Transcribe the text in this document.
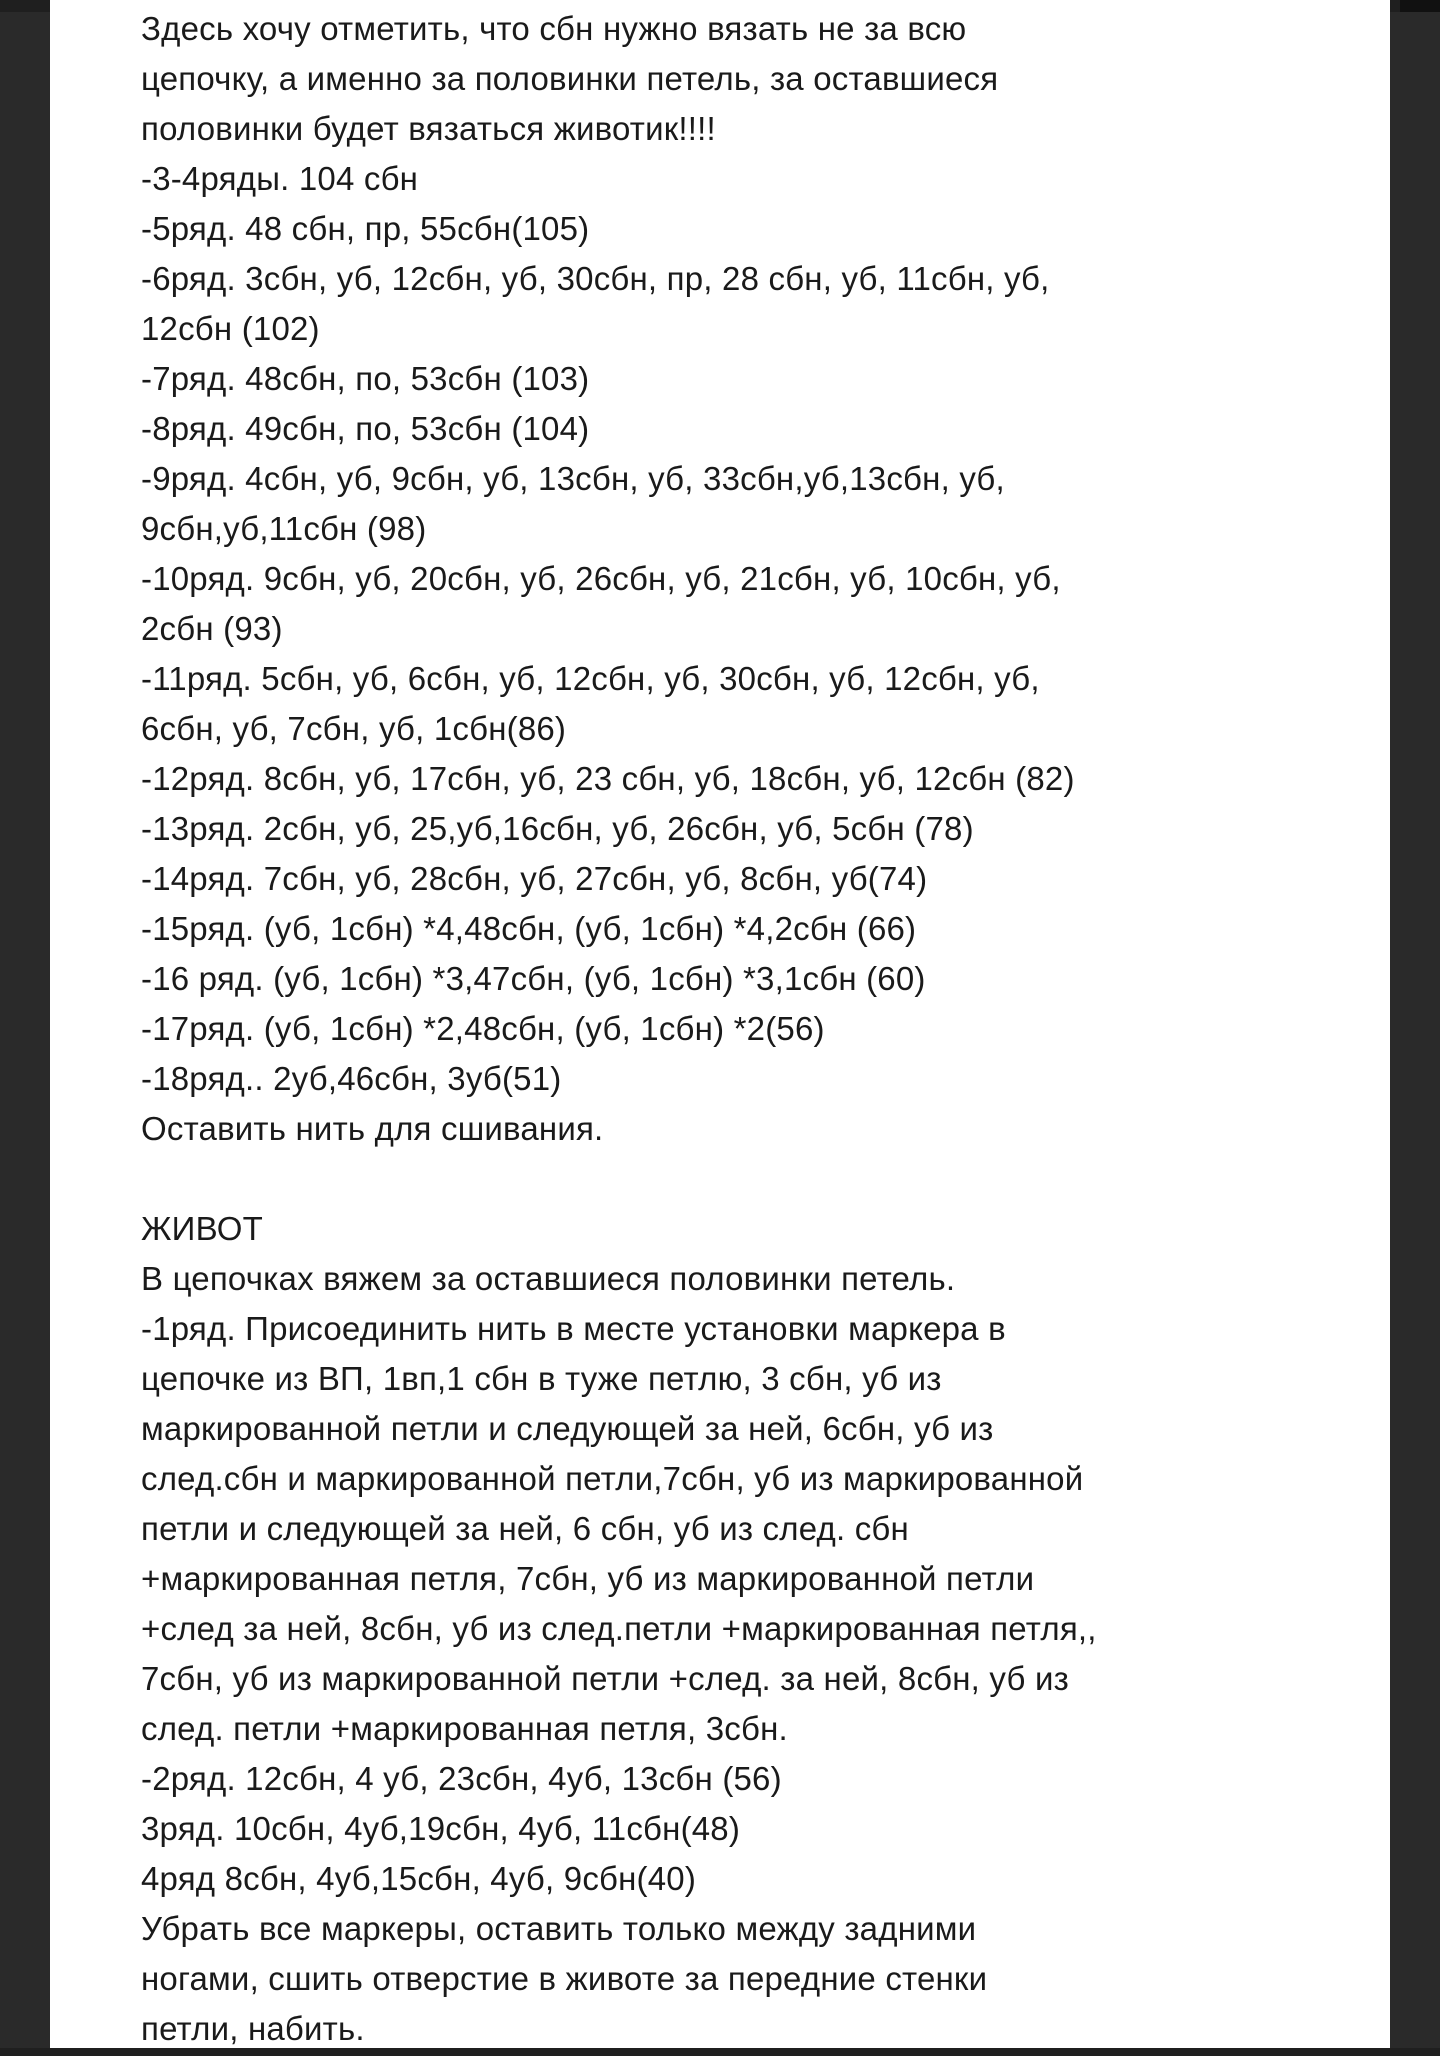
Здесь хочу отметить, что сбн нужно вязать не за всю
цепочку, а именно за половинки петель, за оставшиеся
половинки будет вязаться животик!!!!
-3-4ряды. 104 сбн
-5ряд. 48 сбн, пр, 55сбн(105)
-6ряд. 3сбн, уб, 12сбн, уб, 30сбн, пр, 28 сбн, уб, 11сбн, уб,
12сбн (102)
-7ряд. 48сбн, по, 53сбн (103)
-8ряд. 49сбн, по, 53сбн (104)
-9ряд. 4сбн, уб, 9сбн, уб, 13сбн, уб, 33сбн,уб,13сбн, уб,
9сбн,уб,11сбн (98)
-10ряд. 9сбн, уб, 20сбн, уб, 26сбн, уб, 21сбн, уб, 10сбн, уб,
2сбн (93)
-11ряд. 5сбн, уб, 6сбн, уб, 12сбн, уб, 30сбн, уб, 12сбн, уб,
6сбн, уб, 7сбн, уб, 1сбн(86)
-12ряд. 8сбн, уб, 17сбн, уб, 23 сбн, уб, 18сбн, уб, 12сбн (82)
-13ряд. 2сбн, уб, 25,уб,16сбн, уб, 26сбн, уб, 5сбн (78)
-14ряд. 7сбн, уб, 28сбн, уб, 27сбн, уб, 8сбн, уб(74)
-15ряд. (уб, 1сбн) *4,48сбн, (уб, 1сбн) *4,2сбн (66)
-16 ряд. (уб, 1сбн) *3,47сбн, (уб, 1сбн) *3,1сбн (60)
-17ряд. (уб, 1сбн) *2,48сбн, (уб, 1сбн) *2(56)
-18ряд.. 2уб,46сбн, 3уб(51)
Оставить нить для сшивания.
ЖИВОТ
В цепочках вяжем за оставшиеся половинки петель.
-1ряд. Присоединить нить в месте установки маркера в
цепочке из ВП, 1вп,1 сбн в туже петлю, 3 сбн, уб из
маркированной петли и следующей за ней, 6сбн, уб из
след.сбн и маркированной петли,7сбн, уб из маркированной
петли и следующей за ней, 6 сбн, уб из след. сбн
+маркированная петля, 7сбн, уб из маркированной петли
+след за ней, 8сбн, уб из след.петли +маркированная петля,,
7сбн, уб из маркированной петли +след. за ней, 8сбн, уб из
след. петли +маркированная петля, 3сбн.
-2ряд. 12сбн, 4 уб, 23сбн, 4уб, 13сбн (56)
3ряд. 10сбн, 4уб,19сбн, 4уб, 11сбн(48)
4ряд 8сбн, 4уб,15сбн, 4уб, 9сбн(40)
Убрать все маркеры, оставить только между задними
ногами, сшить отверстие в животе за передние стенки
петли, набить.
